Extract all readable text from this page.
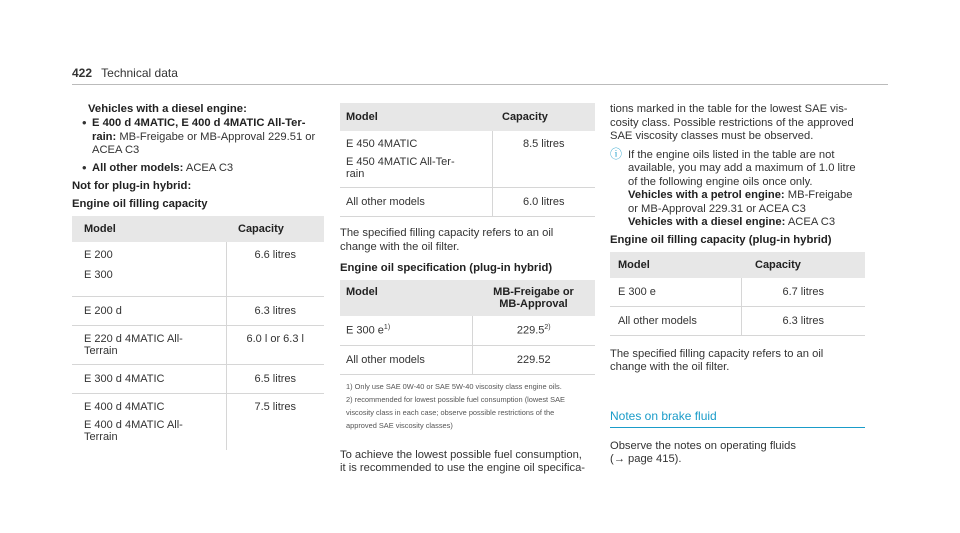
422 Technical data
Vehicles with a diesel engine:
• E 400 d 4MATIC, E 400 d 4MATIC All-Ter-rain: MB-Freigabe or MB-Approval 229.51 or ACEA C3
• All other models: ACEA C3
Not for plug-in hybrid:
Engine oil filling capacity
Model	Capacity

E 200
E 300	6.6 litres
E 200 d	6.3 litres

E 220 d 4MATIC All-
Terrain	6.0 l or 6.3 l
E 300 d 4MATIC	6.5 litres

E 400 d 4MATIC
E 400 d 4MATIC All-
Terrain	7.5 litres
Model	Capacity

E 450 4MATIC
E 450 4MATIC All-Ter-
rain	8.5 litres
All other models	6.0 litres
The specified filling capacity refers to an oil change with the oil filter.
Engine oil specification (plug-in hybrid)
Model	MB-Freigabe or MB-Approval
E 300 $e^{1)}$	229.5$^{2)}$
All other models	229.52

1) Only use SAE 0W-40 or SAE 5W-40 viscosity class engine oils.
2) recommended for lowest possible fuel consumption (lowest SAE
viscosity class in each case; observe possible restrictions of the
approved SAE viscosity classes)	
To achieve the lowest possible fuel consumption, it is recommended to use the engine oil specifica-
tions marked in the table for the lowest SAE vis-cosity class. Possible restrictions of the approved SAE viscosity classes must be observed.
ⓘ If the engine oils listed in the table are not available, you may add a maximum of 1.0 litre of the following engine oils once only.
Vehicles with a petrol engine: MB-Freigabe or MB-Approval 229.31 or ACEA C3
Vehicles with a diesel engine: ACEA C3
Engine oil filling capacity (plug-in hybrid)
Model	Capacity
E 300 e	6.7 litres
All other models	6.3 litres
The specified filling capacity refers to an oil change with the oil filter.
Notes on brake fluid
Observe the notes on operating fluids
(→ page 415).
